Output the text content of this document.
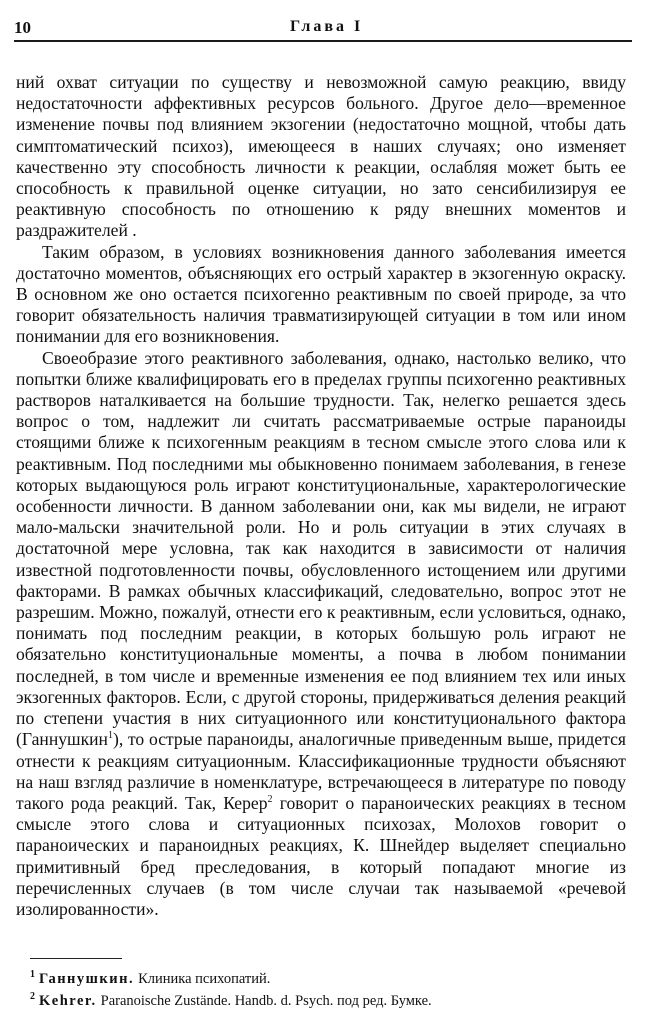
10	Глава I

ний охват ситуации по существу и невозможной самую реакцию, ввиду недостаточности аффективных ресурсов больного. Другое дело—временное изменение почвы под влиянием экзогении (недостаточно мощной, чтобы дать симптоматический психоз), имеющееся в наших случаях; оно изменяет качественно эту способность личности к реакции, ослабляя может быть ее способность к правильной оценке ситуации, но зато сенсибилизируя ее реактивную способность по отношению к ряду внешних моментов и раздражителей .

Таким образом, в условиях возникновения данного заболевания имеется достаточно моментов, объясняющих его острый характер в экзогенную окраску. В основном же оно остается психогенно реактивным по своей природе, за что говорит обязательность наличия травматизирующей ситуации в том или ином понимании для его возникновения.

Своеобразие этого реактивного заболевания, однако, настолько велико, что попытки ближе квалифицировать его в пределах группы психогенно реактивных растворов наталкивается на большие трудности. Так, нелегко решается здесь вопрос о том, надлежит ли считать рассматриваемые острые параноиды стоящими ближе к психогенным реакциям в тесном смысле этого слова или к реактивным. Под последними мы обыкновенно понимаем заболевания, в генезе которых выдающуюся роль играют конституциональные, характерологические особенности личности. В данном заболевании они, как мы видели, не играют мало-мальски значительной роли. Но и роль ситуации в этих случаях в достаточной мере условна, так как находится в зависимости от наличия известной подготовленности почвы, обусловленного истощением или другими факторами. В рамках обычных классификаций, следовательно, вопрос этот не разрешим. Можно, пожалуй, отнести его к реактивным, если условиться, однако, понимать под последним реакции, в которых большую роль играют не обязательно конституциональные моменты, а почва в любом понимании последней, в том числе и временные изменения ее под влиянием тех или иных экзогенных факторов. Если, с другой стороны, придерживаться деления реакций по степени участия в них ситуационного или конституционального фактора (Ганнушкин$^1$), то острые параноиды, аналогичные приведенным выше, придется отнести к реакциям ситуационным. Классификационные трудности объясняют на наш взгляд различие в номенклатуре, встречающееся в литературе по поводу такого рода реакций. Так, Керер$^2$ говорит о параноических реакциях в тесном смысле этого слова и ситуационных психозах, Молохов говорит о параноических и параноидных реакциях, К. Шнейдер выделяет специально примитивный бред преследования, в который попадают многие из перечисленных случаев (в том числе случаи так называемой «речевой изолированности».

$^1$ Ганнушкин. Клиника психопатий.
$^2$ Kehrer. Paranoische Zustände. Handb. d. Psych. под ред. Бумке.
